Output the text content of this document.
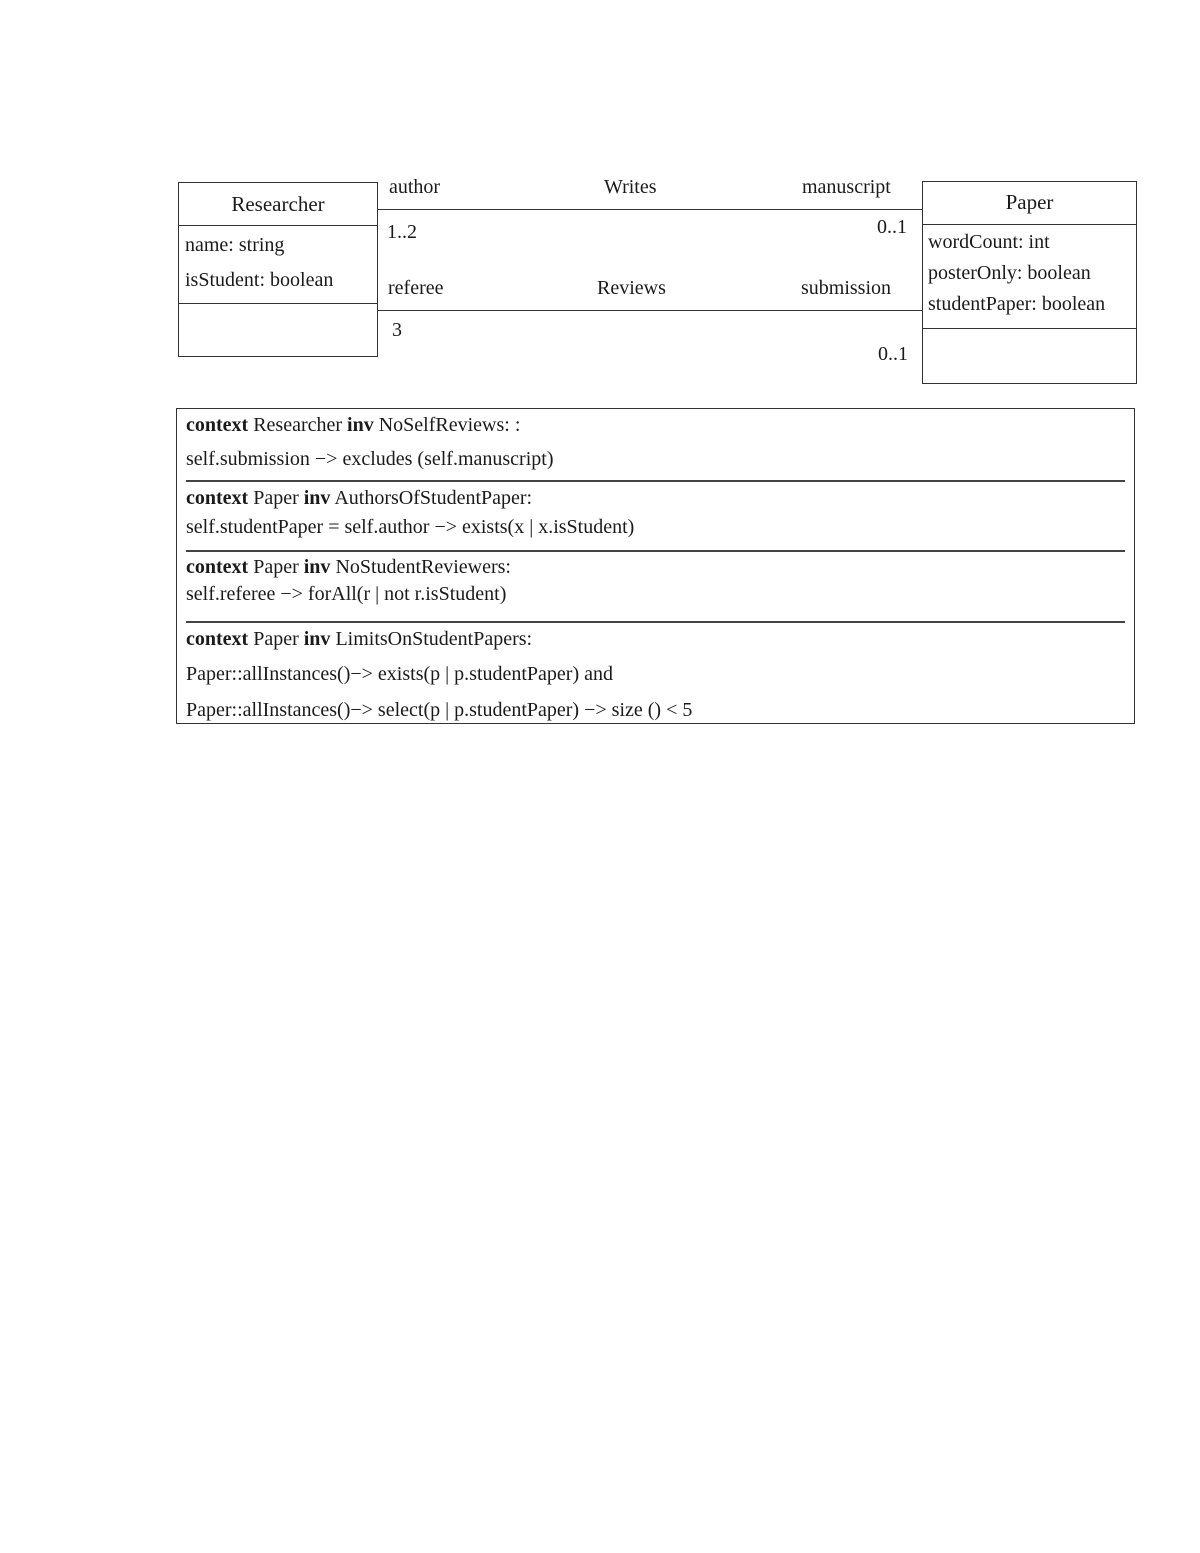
Researcher
name: string
isStudent: boolean
Paper
wordCount: int
posterOnly: boolean
studentPaper: boolean
author	Writes	manuscript
1..2	0..1
referee	Reviews	submission
3
0..1
context Researcher inv NoSelfReviews: :
self.submission −> excludes (self.manuscript)
context Paper inv AuthorsOfStudentPaper:
self.studentPaper = self.author −> exists(x | x.isStudent)
context Paper inv NoStudentReviewers:
self.referee −> forAll(r | not r.isStudent)
context Paper inv LimitsOnStudentPapers:
Paper::allInstances()−> exists(p | p.studentPaper) and
Paper::allInstances()−> select(p | p.studentPaper) −> size () < 5
